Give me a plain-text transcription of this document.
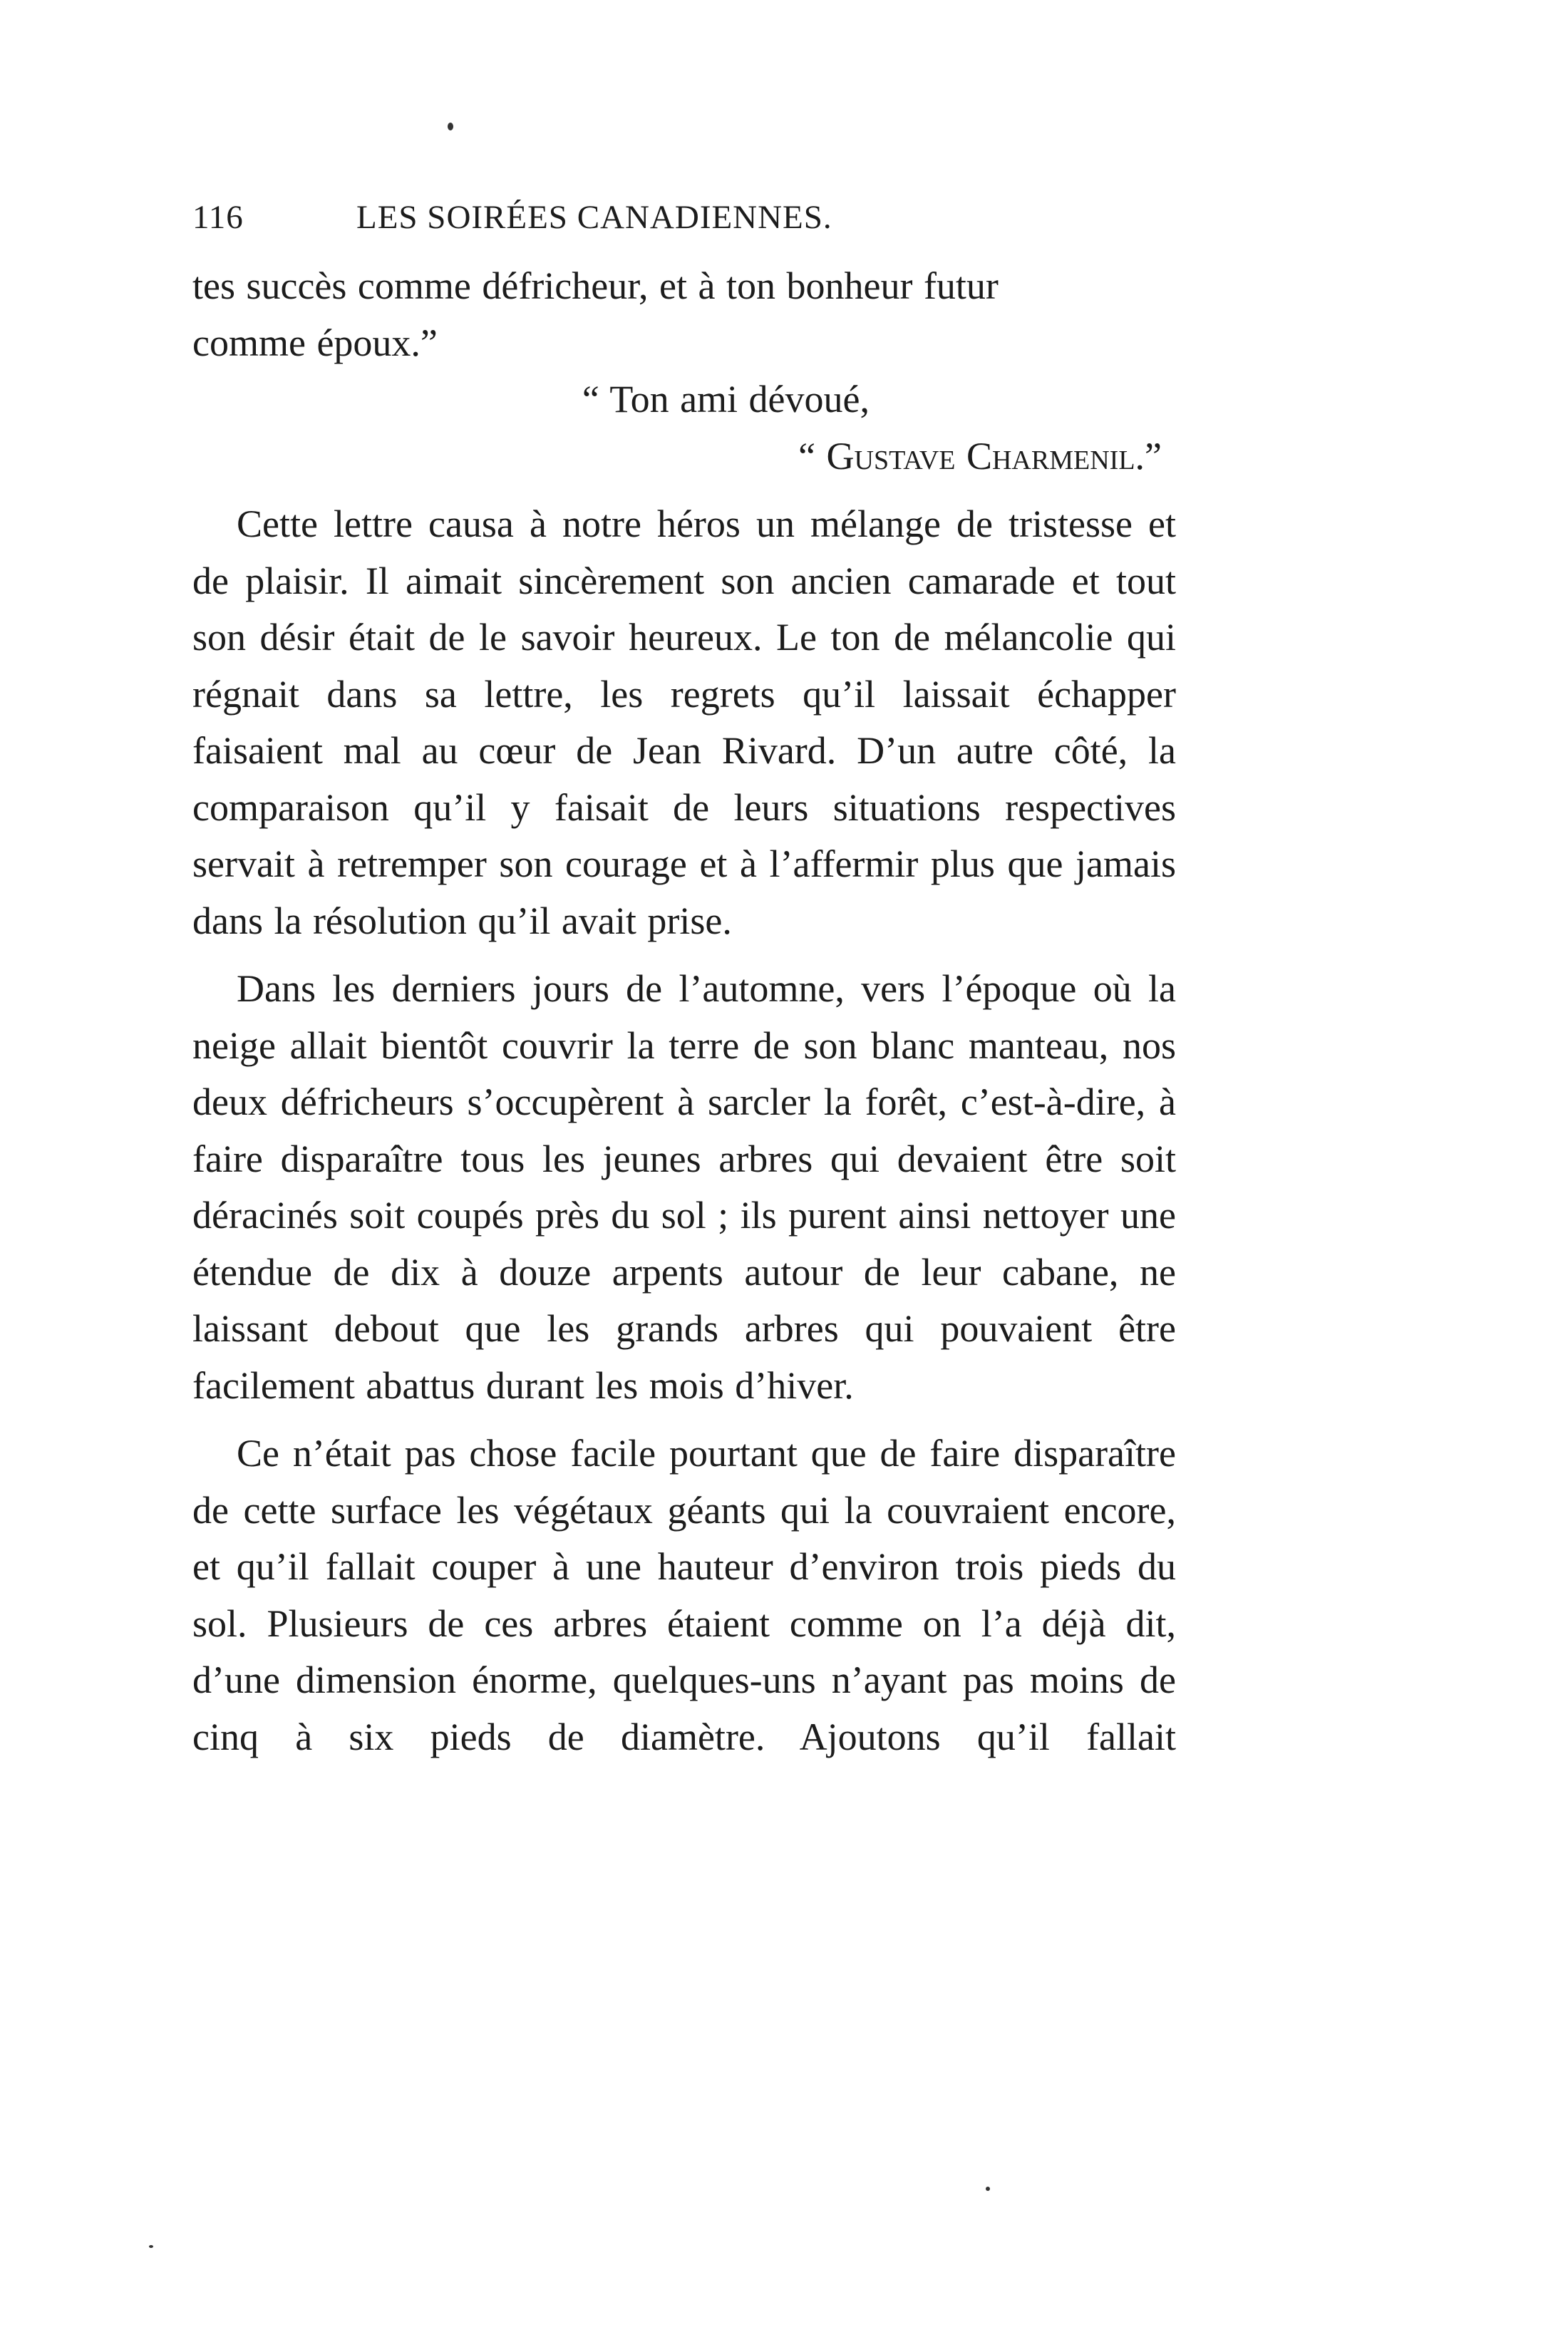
116	LES SOIRÉES CANADIENNES.

tes succès comme défricheur, et à ton bonheur futur
comme époux.”

“ Ton ami dévoué,

“ Gustave Charmenil.”

Cette lettre causa à notre héros un mélange de tristesse et de plaisir. Il aimait sincèrement son ancien camarade et tout son désir était de le savoir heureux. Le ton de mélancolie qui régnait dans sa lettre, les regrets qu’il laissait échapper faisaient mal au cœur de Jean Rivard. D’un autre côté, la comparaison qu’il y faisait de leurs situations respectives servait à retremper son courage et à l’affermir plus que jamais dans la résolution qu’il avait prise.

Dans les derniers jours de l’automne, vers l’époque où la neige allait bientôt couvrir la terre de son blanc manteau, nos deux défricheurs s’occupèrent à sarcler la forêt, c’est-à-dire, à faire disparaître tous les jeunes arbres qui devaient être soit déracinés soit coupés près du sol ; ils purent ainsi nettoyer une étendue de dix à douze arpents autour de leur cabane, ne laissant debout que les grands arbres qui pouvaient être facilement abattus durant les mois d’hiver.

Ce n’était pas chose facile pourtant que de faire disparaître de cette surface les végétaux géants qui la couvraient encore, et qu’il fallait couper à une hauteur d’environ trois pieds du sol. Plusieurs de ces arbres étaient comme on l’a déjà dit, d’une dimension énorme, quelques-uns n’ayant pas moins de cinq à six pieds de diamètre. Ajoutons qu’il fallait
